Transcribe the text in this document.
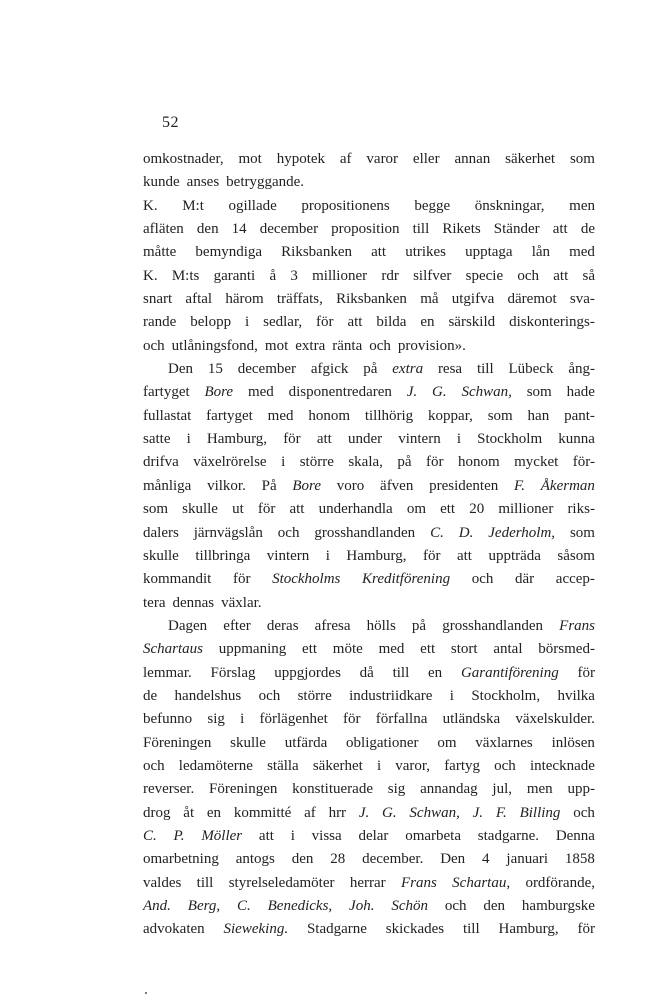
52
omkostnader, mot hypotek af varor eller annan säkerhet som
kunde anses betryggande.
K. M:t ogillade propositionens begge önskningar, men
afläten den 14 december proposition till Rikets Ständer att de
måtte bemyndiga Riksbanken att utrikes upptaga lån med
K. M:ts garanti å 3 millioner rdr silfver specie och att så
snart aftal härom träffats, Riksbanken må utgifva däremot sva-
rande belopp i sedlar, för att bilda en särskild diskonterings-
och utlåningsfond, mot extra ränta och provision».
Den 15 december afgick på extra resa till Lübeck ång-
fartyget Bore med disponentredaren J. G. Schwan, som hade
fullastat fartyget med honom tillhörig koppar, som han pant-
satte i Hamburg, för att under vintern i Stockholm kunna
drifva växelrörelse i större skala, på för honom mycket för-
månliga vilkor. På Bore voro äfven presidenten F. Åkerman
som skulle ut för att underhandla om ett 20 millioner riks-
dalers järnvägslån och grosshandlanden C. D. Jederholm, som
skulle tillbringa vintern i Hamburg, för att uppträda såsom
kommandit för Stockholms Kreditförening och där accep-
tera dennas växlar.
Dagen efter deras afresa hölls på grosshandlanden Frans
Schartaus uppmaning ett möte med ett stort antal börsmed-
lemmar. Förslag uppgjordes då till en Garantiförening för
de handelshus och större industriidkare i Stockholm, hvilka
befunno sig i förlägenhet för förfallna utländska växelskulder.
Föreningen skulle utfärda obligationer om växlarnes inlösen
och ledamöterne ställa säkerhet i varor, fartyg och intecknade
reverser. Föreningen konstituerade sig annandag jul, men upp-
drog åt en kommitté af hrr J. G. Schwan, J. F. Billing och
C. P. Möller att i vissa delar omarbeta stadgarne. Denna
omarbetning antogs den 28 december. Den 4 januari 1858
valdes till styrelseledamöter herrar Frans Schartau, ordförande,
And. Berg, C. Benedicks, Joh. Schön och den hamburgske
advokaten Sieweking. Stadgarne skickades till Hamburg, för
